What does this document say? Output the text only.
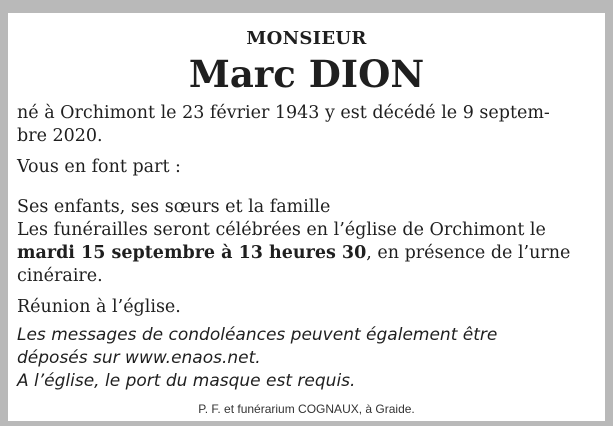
MONSIEUR
Marc DION

né à Orchimont le 23 février 1943 y est décédé le 9 septem-
bre 2020.

Vous en font part :

Ses enfants, ses sœurs et la famille

Les funérailles seront célébrées en l’église de Orchimont le
mardi 15 septembre à 13 heures 30, en présence de l’urne
cinéraire.

Réunion à l’église.

Les messages de condoléances peuvent également être
déposés sur www.enaos.net.
A l’église, le port du masque est requis.

P. F. et funérarium COGNAUX, à Graide.
